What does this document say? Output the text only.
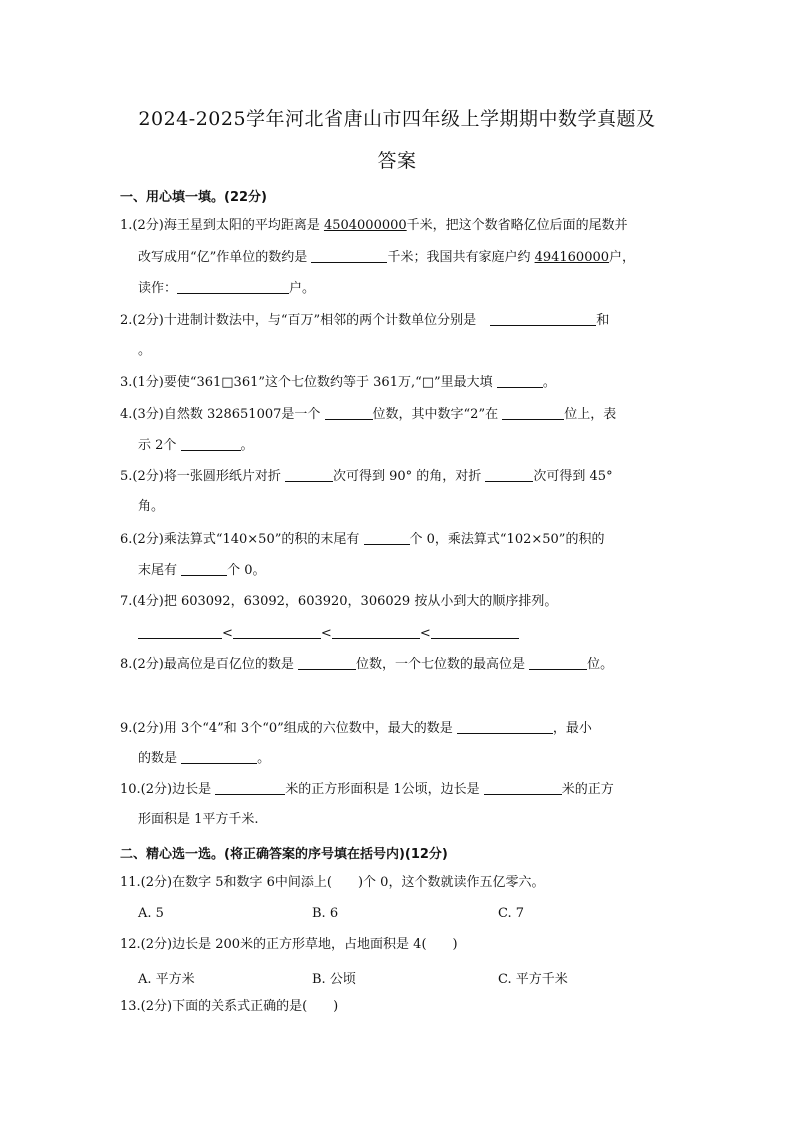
2024-2025学年河北省唐山市四年级上学期期中数学真题及
答案
一、用心填一填。(22分)
1.(2分)海王星到太阳的平均距离是 4504000000千米，把这个数省略亿位后面的尾数并
改写成用“亿”作单位的数约是	千米；我国共有家庭户约 494160000户，
读作：	户。
2.(2分)十进制计数法中，与“百万”相邻的两个计数单位分别是	和
。
3.(1分)要使“361□361”这个七位数约等于 361万,“□”里最大填	。
4.(3分)自然数 328651007是一个	位数，其中数字“2”在	位上，表
示 2个	。
5.(2分)将一张圆形纸片对折	次可得到 90° 的角，对折	次可得到 45°
角。
6.(2分)乘法算式“140×50”的积的末尾有	个 0，乘法算式“102×50”的积的
末尾有	个 0。
7.(4分)把 603092，63092，603920，306029 按从小到大的顺序排列。
<	<	<
8.(2分)最高位是百亿位的数是	位数，一个七位数的最高位是	位。
9.(2分)用 3个“4”和 3个“0”组成的六位数中，最大的数是	，最小
的数是	。
10.(2分)边长是	米的正方形面积是 1公顷，边长是	米的正方
形面积是 1平方千米.
二、精心选一选。(将正确答案的序号填在括号内)(12分)
11.(2分)在数字 5和数字 6中间添上(　　)个 0，这个数就读作五亿零六。
A. 5	B. 6	C. 7
12.(2分)边长是 200米的正方形草地，占地面积是 4(　　)
A. 平方米	B. 公顷	C. 平方千米
13.(2分)下面的关系式正确的是(　　)
